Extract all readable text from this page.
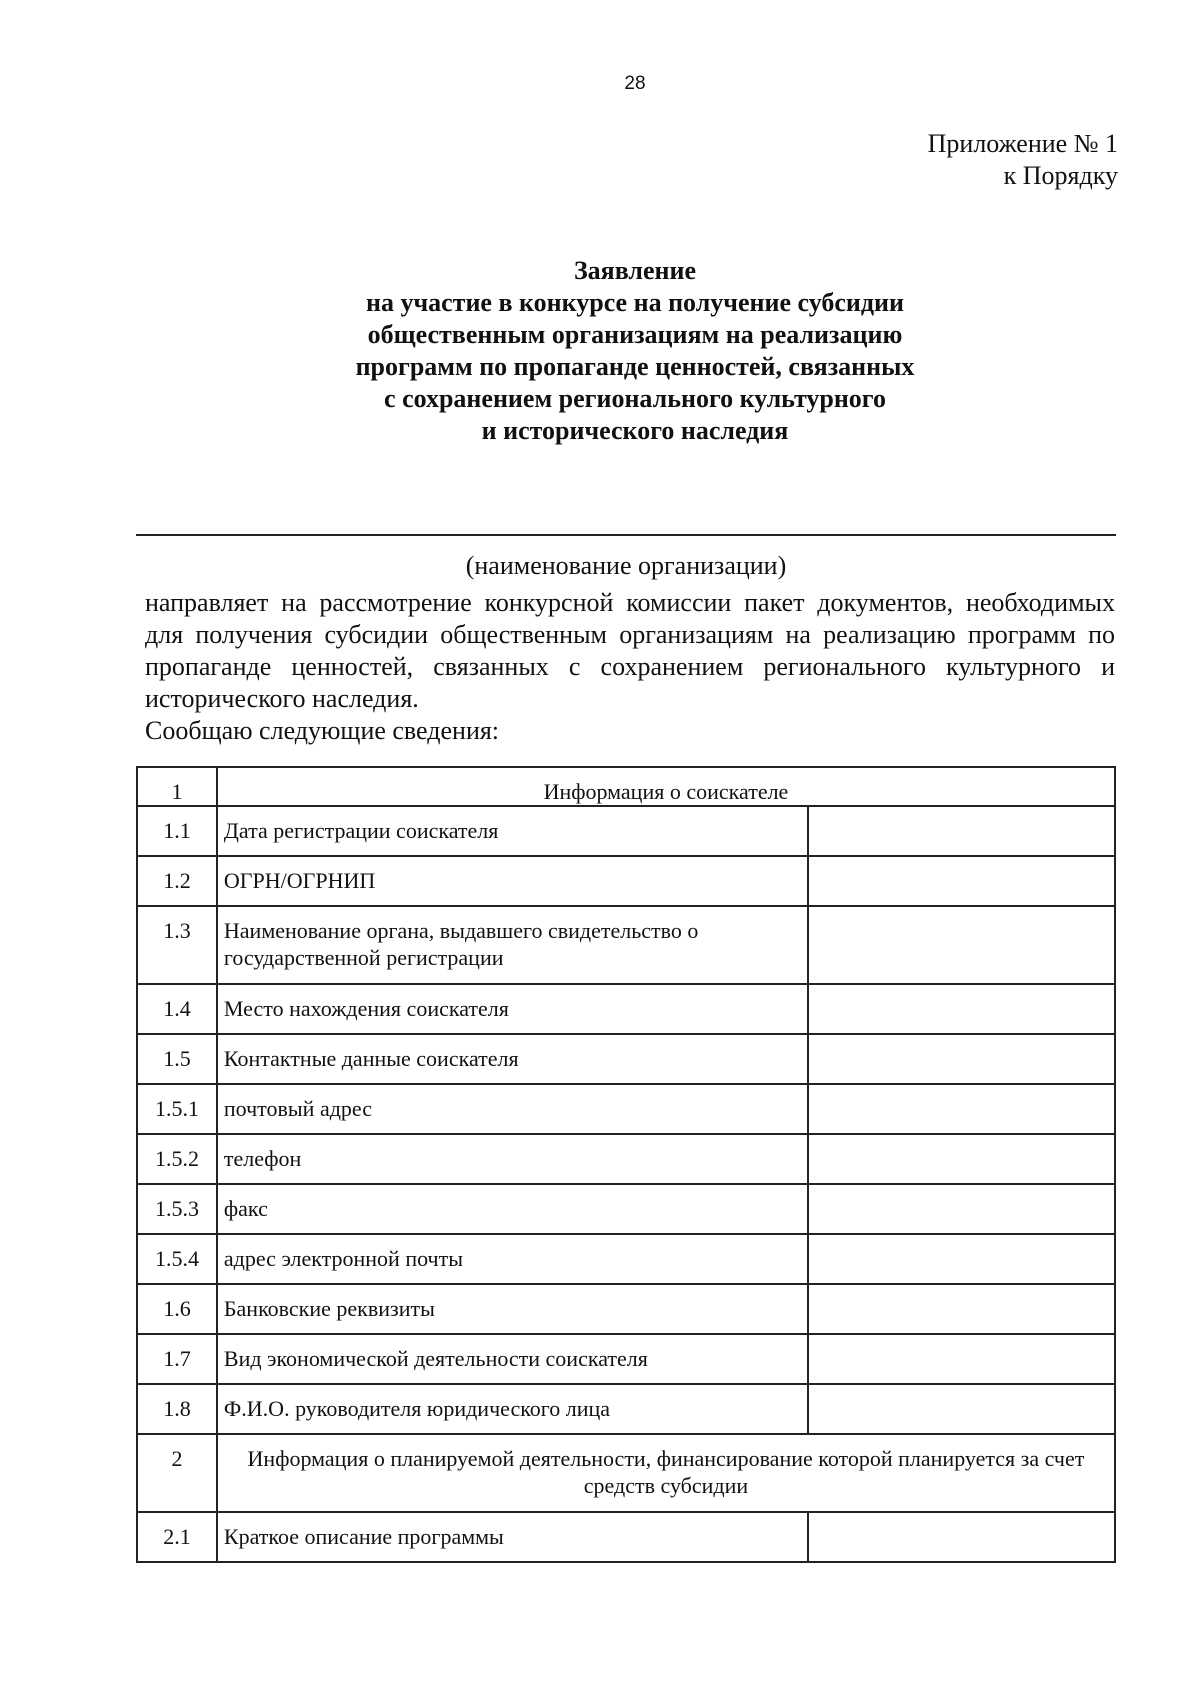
28
Приложение № 1
к Порядку
Заявление
на участие в конкурсе на получение субсидии
общественным организациям на реализацию
программ по пропаганде ценностей, связанных
с сохранением регионального культурного
и исторического наследия
(наименование организации)
направляет на рассмотрение конкурсной комиссии пакет документов, необходимых для получения субсидии общественным организациям на реализацию программ по пропаганде ценностей, связанных с сохранением регионального культурного и исторического наследия.
Сообщаю следующие сведения:
1	Информация о соискателе	
1.1	Дата регистрации соискателя	
1.2	ОГРН/ОГРНИП	
1.3	Наименование органа, выдавшего свидетельство о государственной регистрации	
1.4	Место нахождения соискателя	
1.5	Контактные данные соискателя	
1.5.1	почтовый адрес	
1.5.2	телефон	
1.5.3	факс	
1.5.4	адрес электронной почты	
1.6	Банковские реквизиты	
1.7	Вид экономической деятельности соискателя	
1.8	Ф.И.О. руководителя юридического лица	
2	Информация о планируемой деятельности, финансирование которой планируется за счет средств субсидии	
2.1	Краткое описание программы	
